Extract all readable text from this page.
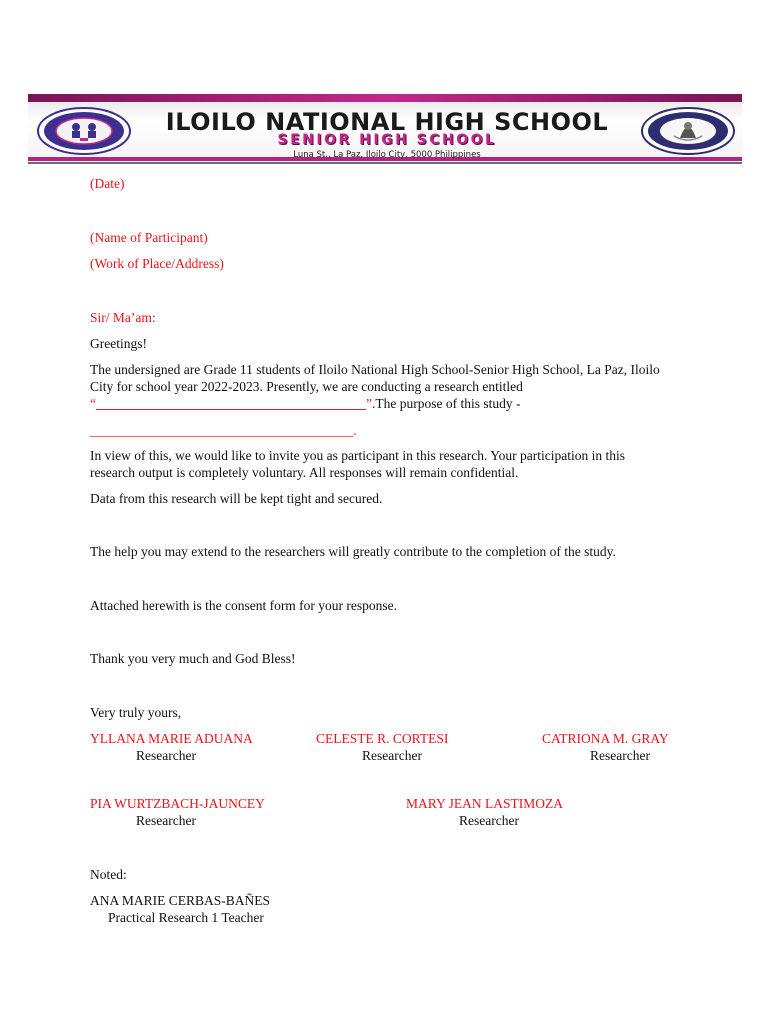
ILOILO NATIONAL HIGH SCHOOL
SENIOR HIGH SCHOOL
Luna St., La Paz, Iloilo City, 5000 Philippines
(Date)
(Name of Participant)
(Work of Place/Address)
Sir/ Ma’am:
Greetings!
The undersigned are Grade 11 students of Iloilo National High School-Senior High School, La Paz, Iloilo
City for school year 2022-2023. Presently, we are conducting a research entitled
“________________________________________”.The purpose of this study -
_______________________________________.
In view of this, we would like to invite you as participant in this research. Your participation in this
research output is completely voluntary. All responses will remain confidential.
Data from this research will be kept tight and secured.
The help you may extend to the researchers will greatly contribute to the completion of the study.
Attached herewith is the consent form for your response.
Thank you very much and God Bless!
Very truly yours,
YLLANA MARIE ADUANA
Researcher
CELESTE R. CORTESI
Researcher
CATRIONA M. GRAY
Researcher
PIA WURTZBACH-JAUNCEY
Researcher
MARY JEAN LASTIMOZA
Researcher
Noted:
ANA MARIE CERBAS-BAÑES
Practical Research 1 Teacher
